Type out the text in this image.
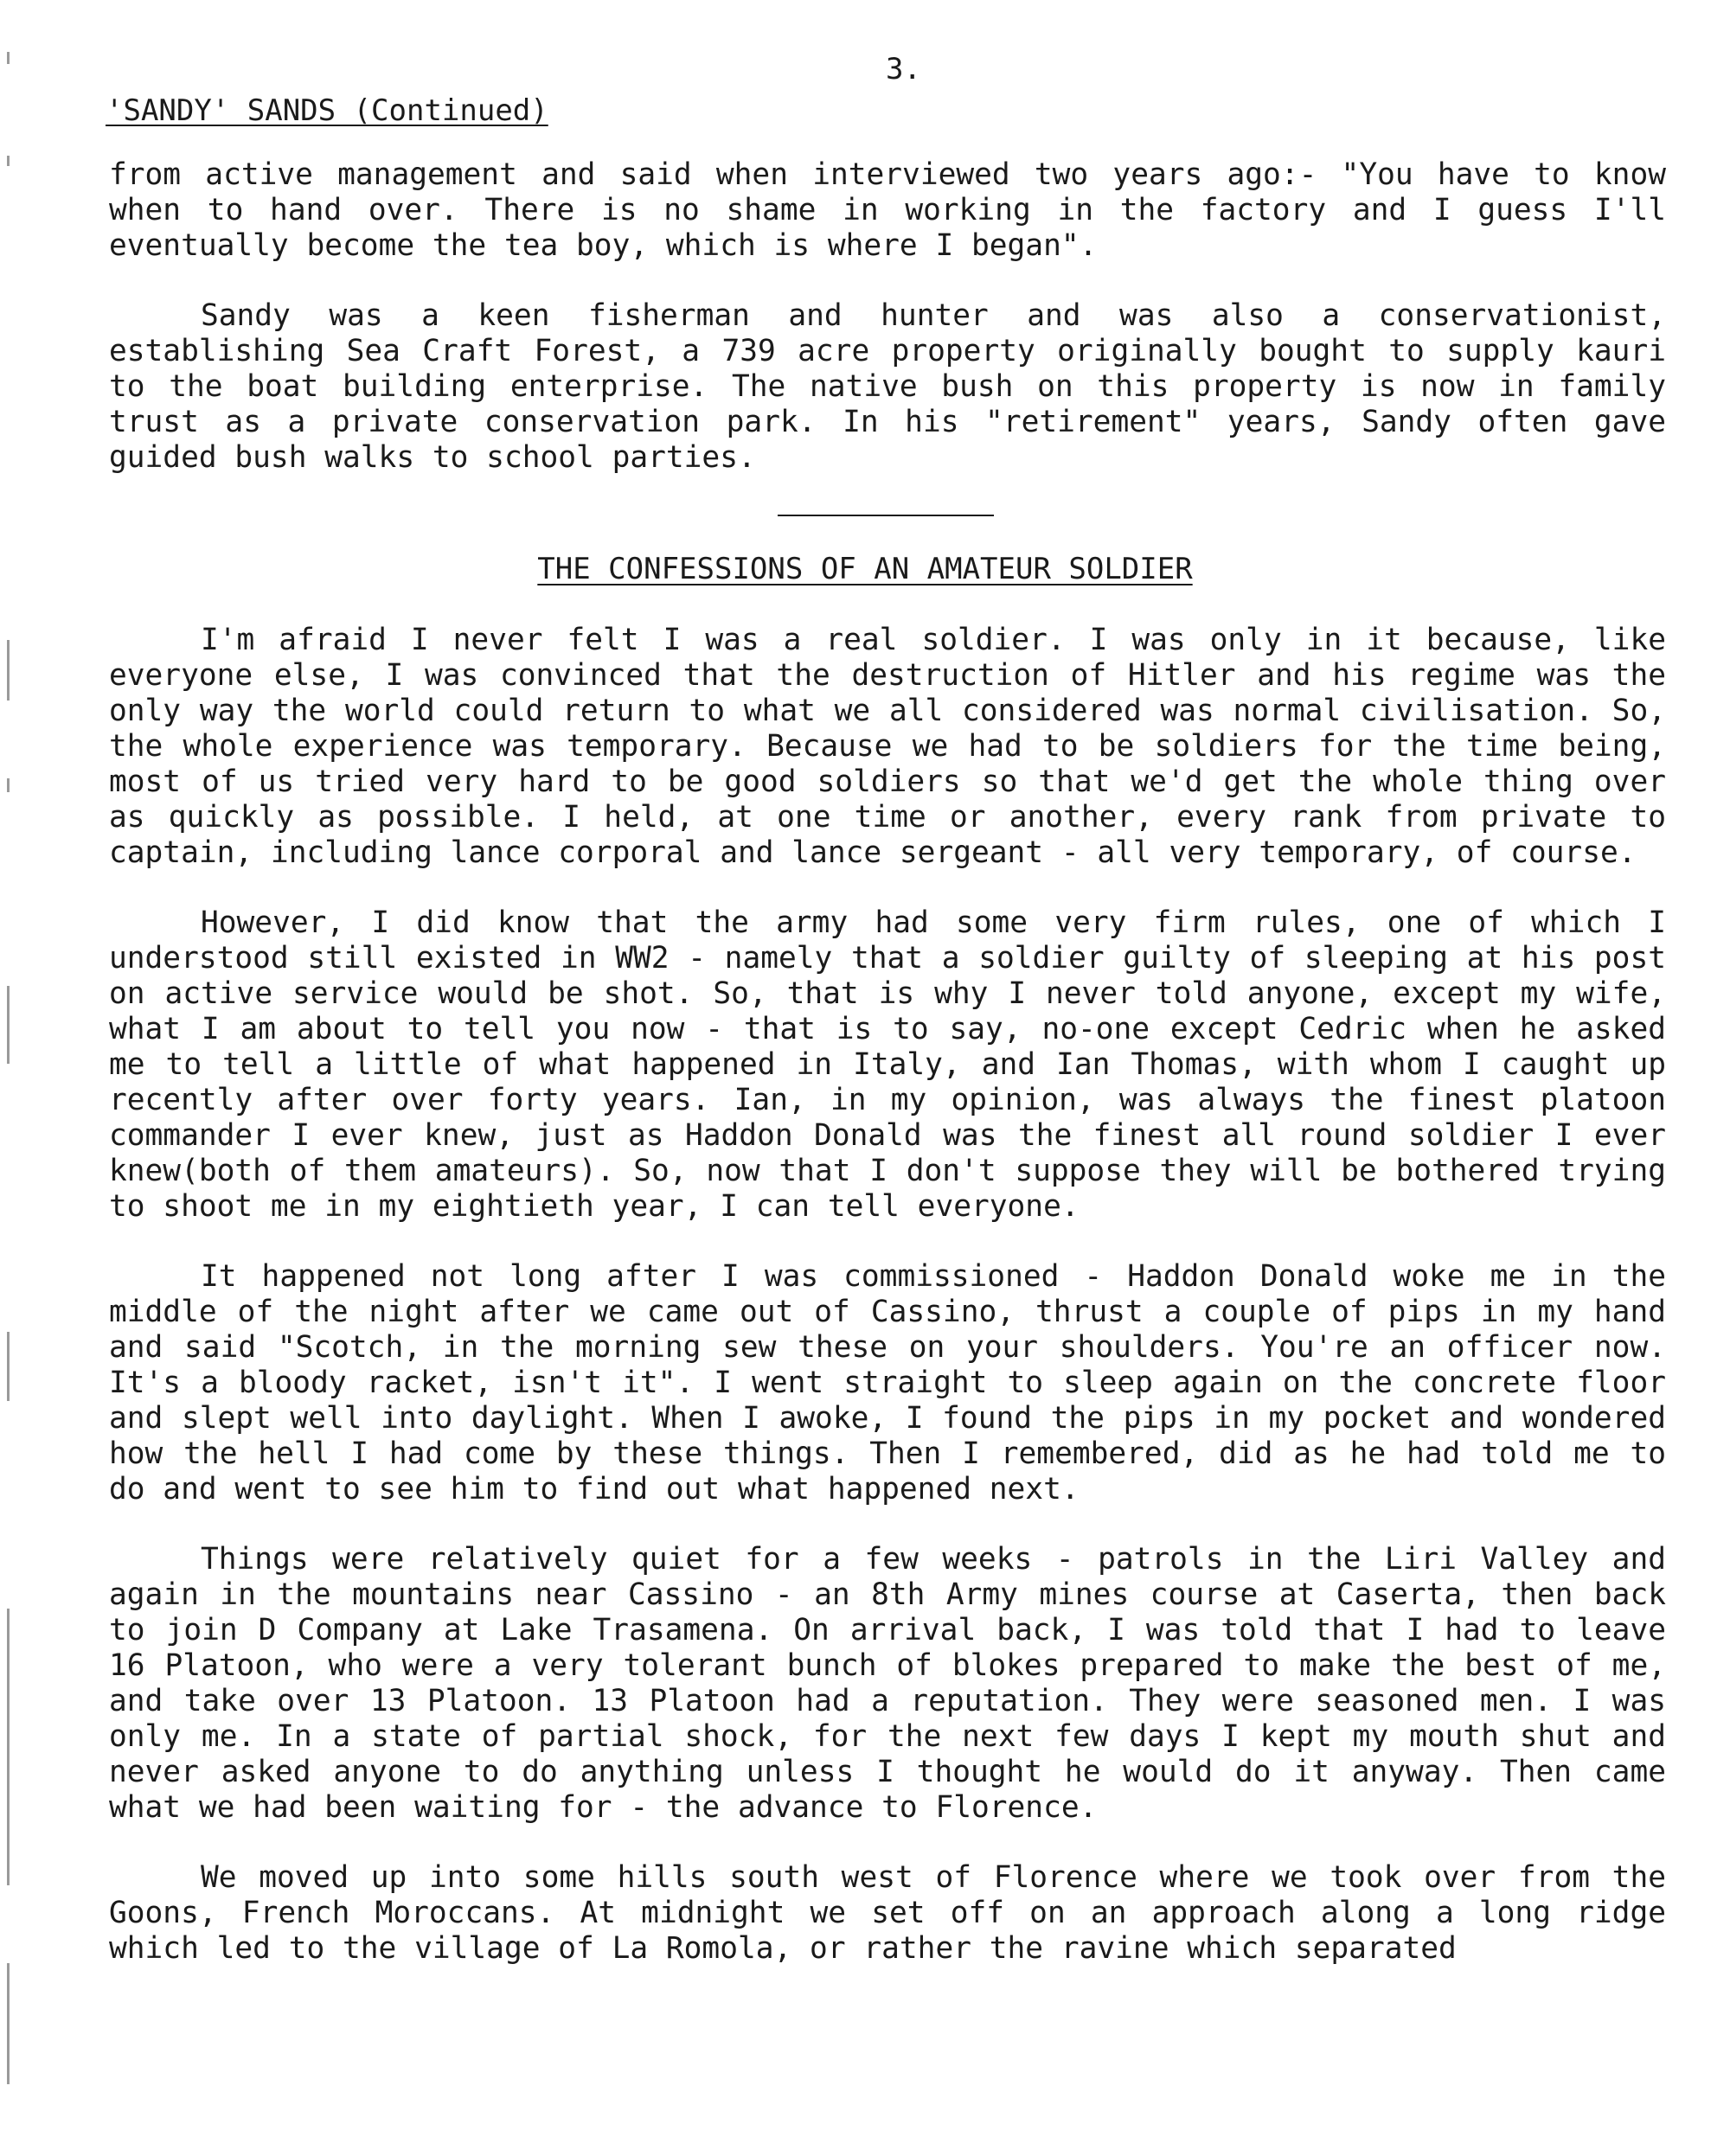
3.
'SANDY' SANDS (Continued)

from active management and said when interviewed two years ago:- "You have to know when to hand over. There is no shame in working in the factory and I guess I'll eventually become the tea boy, which is where I began".

Sandy was a keen fisherman and hunter and was also a conservationist, establishing Sea Craft Forest, a 739 acre property originally bought to supply kauri to the boat building enterprise. The native bush on this property is now in family trust as a private conservation park. In his "retirement" years, Sandy often gave guided bush walks to school parties.

THE CONFESSIONS OF AN AMATEUR SOLDIER

I'm afraid I never felt I was a real soldier. I was only in it because, like everyone else, I was convinced that the destruction of Hitler and his regime was the only way the world could return to what we all considered was normal civilisation. So, the whole experience was temporary. Because we had to be soldiers for the time being, most of us tried very hard to be good soldiers so that we'd get the whole thing over as quickly as possible. I held, at one time or another, every rank from private to captain, including lance corporal and lance sergeant - all very temporary, of course.

However, I did know that the army had some very firm rules, one of which I understood still existed in WW2 - namely that a soldier guilty of sleeping at his post on active service would be shot. So, that is why I never told anyone, except my wife, what I am about to tell you now - that is to say, no-one except Cedric when he asked me to tell a little of what happened in Italy, and Ian Thomas, with whom I caught up recently after over forty years. Ian, in my opinion, was always the finest platoon commander I ever knew, just as Haddon Donald was the finest all round soldier I ever knew(both of them amateurs). So, now that I don't suppose they will be bothered trying to shoot me in my eightieth year, I can tell everyone.

It happened not long after I was commissioned - Haddon Donald woke me in the middle of the night after we came out of Cassino, thrust a couple of pips in my hand and said "Scotch, in the morning sew these on your shoulders. You're an officer now. It's a bloody racket, isn't it". I went straight to sleep again on the concrete floor and slept well into daylight. When I awoke, I found the pips in my pocket and wondered how the hell I had come by these things. Then I remembered, did as he had told me to do and went to see him to find out what happened next.

Things were relatively quiet for a few weeks - patrols in the Liri Valley and again in the mountains near Cassino - an 8th Army mines course at Caserta, then back to join D Company at Lake Trasamena. On arrival back, I was told that I had to leave 16 Platoon, who were a very tolerant bunch of blokes prepared to make the best of me, and take over 13 Platoon. 13 Platoon had a reputation. They were seasoned men. I was only me. In a state of partial shock, for the next few days I kept my mouth shut and never asked anyone to do anything unless I thought he would do it anyway. Then came what we had been waiting for - the advance to Florence.

We moved up into some hills south west of Florence where we took over from the Goons, French Moroccans. At midnight we set off on an approach along a long ridge which led to the village of La Romola, or rather the ravine which separated
